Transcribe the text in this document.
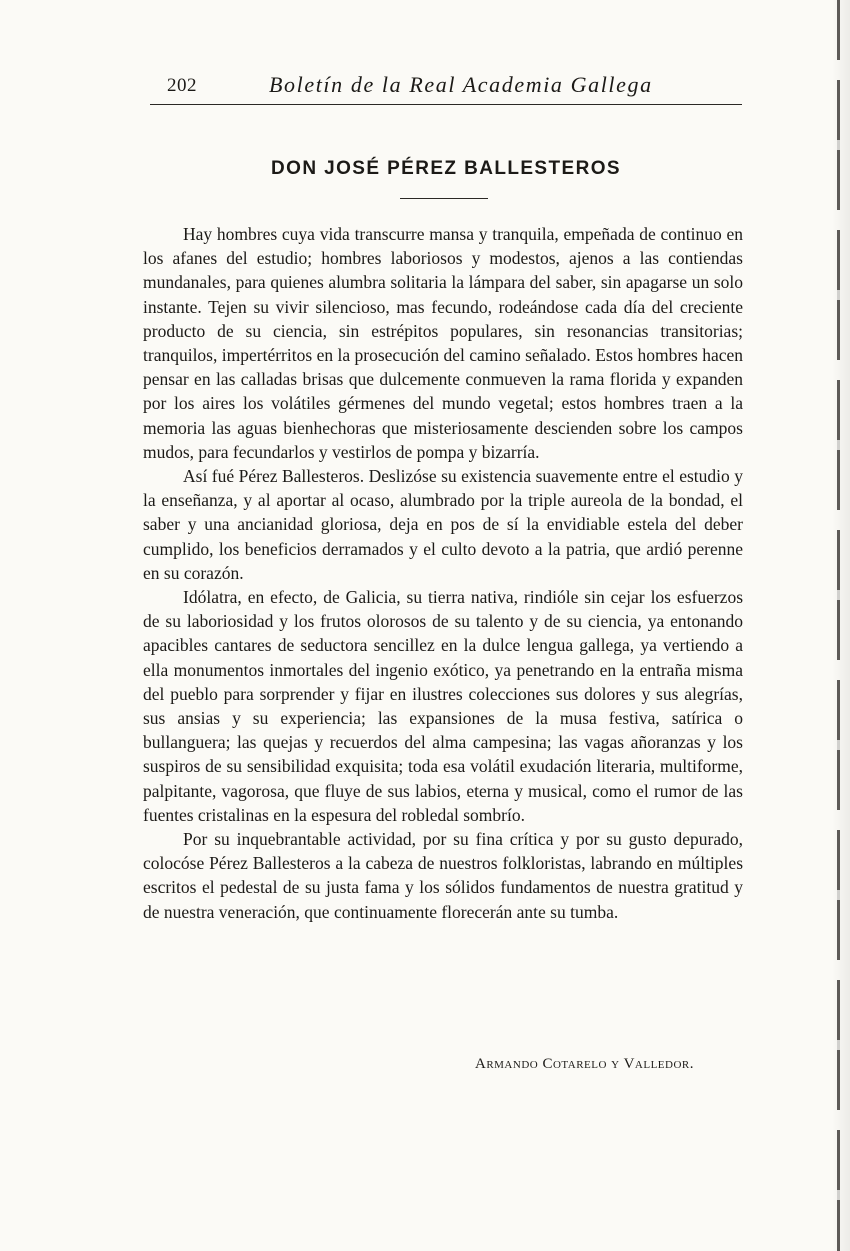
202	Boletín de la Real Academia Gallega
DON JOSÉ PÉREZ BALLESTEROS

Hay hombres cuya vida transcurre mansa y tranquila, empeñada de continuo en los afanes del estudio; hombres laboriosos y modestos, ajenos a las contiendas mundanales, para quienes alumbra solitaria la lámpara del saber, sin apagarse un solo instante. Tejen su vivir silencioso, mas fecundo, rodeándose cada día del creciente producto de su ciencia, sin estrépitos populares, sin resonancias transitorias; tranquilos, impertérritos en la prosecución del camino señalado. Estos hombres hacen pensar en las calladas brisas que dulcemente conmueven la rama florida y expanden por los aires los volátiles gérmenes del mundo vegetal; estos hombres traen a la memoria las aguas bienhechoras que misteriosamente descienden sobre los campos mudos, para fecundarlos y vestirlos de pompa y bizarría.

Así fué Pérez Ballesteros. Deslizóse su existencia suavemente entre el estudio y la enseñanza, y al aportar al ocaso, alumbrado por la triple aureola de la bondad, el saber y una ancianidad gloriosa, deja en pos de sí la envidiable estela del deber cumplido, los beneficios derramados y el culto devoto a la patria, que ardió perenne en su corazón.

Idólatra, en efecto, de Galicia, su tierra nativa, rindióle sin cejar los esfuerzos de su laboriosidad y los frutos olorosos de su talento y de su ciencia, ya entonando apacibles cantares de seductora sencillez en la dulce lengua gallega, ya vertiendo a ella monumentos inmortales del ingenio exótico, ya penetrando en la entraña misma del pueblo para sorprender y fijar en ilustres colecciones sus dolores y sus alegrías, sus ansias y su experiencia; las expansiones de la musa festiva, satírica o bullanguera; las quejas y recuerdos del alma campesina; las vagas añoranzas y los suspiros de su sensibilidad exquisita; toda esa volátil exudación literaria, multiforme, palpitante, vagorosa, que fluye de sus labios, eterna y musical, como el rumor de las fuentes cristalinas en la espesura del robledal sombrío.

Por su inquebrantable actividad, por su fina crítica y por su gusto depurado, colocóse Pérez Ballesteros a la cabeza de nuestros folkloristas, labrando en múltiples escritos el pedestal de su justa fama y los sólidos fundamentos de nuestra gratitud y de nuestra veneración, que continuamente florecerán ante su tumba.

Armando Cotarelo y Valledor.
